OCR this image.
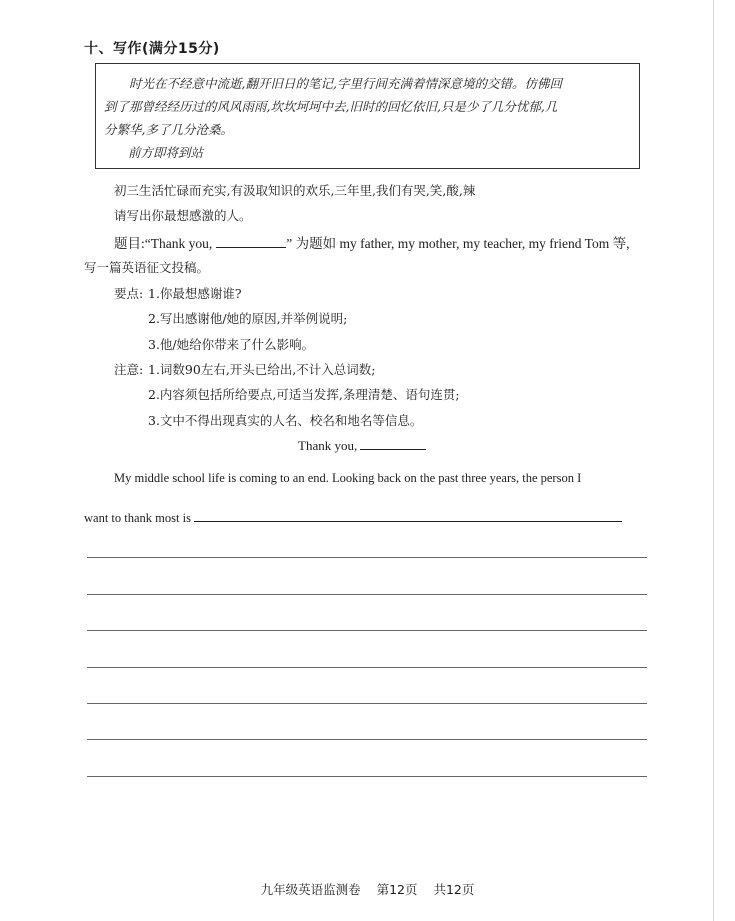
十、写作(满分15分)

时光在不经意中流逝,翻开旧日的笔记,字里行间充满着情深意境的交错。仿佛回

到了那曾经经历过的风风雨雨,坎坎坷坷中去,旧时的回忆依旧,只是少了几分忧郁,几

分繁华,多了几分沧桑。

前方即将到站

初三生活忙碌而充实,有汲取知识的欢乐,三年里,我们有哭,笑,酸,辣
请写出你最想感激的人。
题目:“Thank you,	” 为题如 my father, my mother, my teacher, my friend Tom 等,
写一篇英语征文投稿。
要点: 1.你最想感谢谁?
2.写出感谢他/她的原因,并举例说明;
3.他/她给你带来了什么影响。
注意: 1.词数90左右,开头已给出,不计入总词数;
2.内容须包括所给要点,可适当发挥,条理清楚、语句连贯;
3.文中不得出现真实的人名、校名和地名等信息。
Thank you,
My middle school life is coming to an end. Looking back on the past three years, the person I
want to thank most is
九年级英语监测卷 第12页 共12页
